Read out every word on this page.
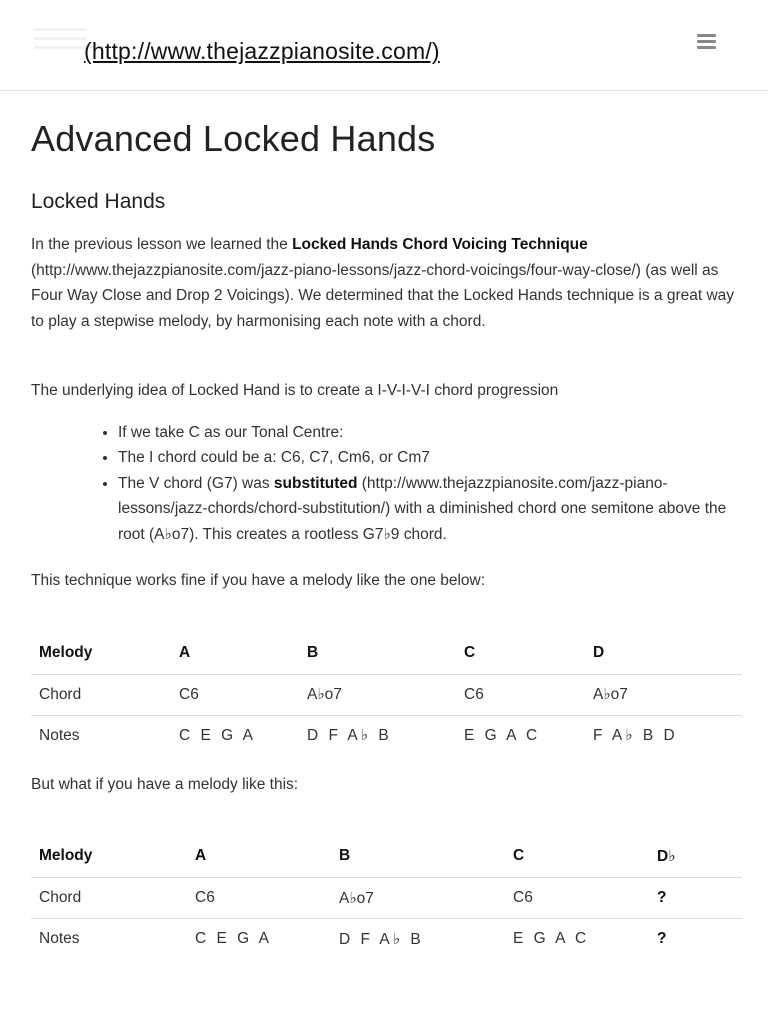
(http://www.thejazzpianosite.com/)
Advanced Locked Hands
Locked Hands

In the previous lesson we learned the Locked Hands Chord Voicing Technique (http://www.thejazzpianosite.com/jazz-piano-lessons/jazz-chord-voicings/four-way-close/) (as well as Four Way Close and Drop 2 Voicings). We determined that the Locked Hands technique is a great way to play a stepwise melody, by harmonising each note with a chord.

The underlying idea of Locked Hand is to create a I-V-I-V-I chord progression

• If we take C as our Tonal Centre:
• The I chord could be a: C6, C7, Cm6, or Cm7
• The V chord (G7) was substituted (http://www.thejazzpianosite.com/jazz-piano-lessons/jazz-chords/chord-substitution/) with a diminished chord one semitone above the root (A♭o7). This creates a rootless G7♭9 chord.

This technique works fine if you have a melody like the one below:

Melody	A	B	C	D
Chord	C6	A♭o7	C6	A♭o7
Notes	C E G A	D F A♭ B	E G A C	F A♭ B D

But what if you have a melody like this:

Melody	A	B	C	D♭
Chord	C6	A♭o7	C6	?
Notes	C E G A	D F A♭ B	E G A C	?
